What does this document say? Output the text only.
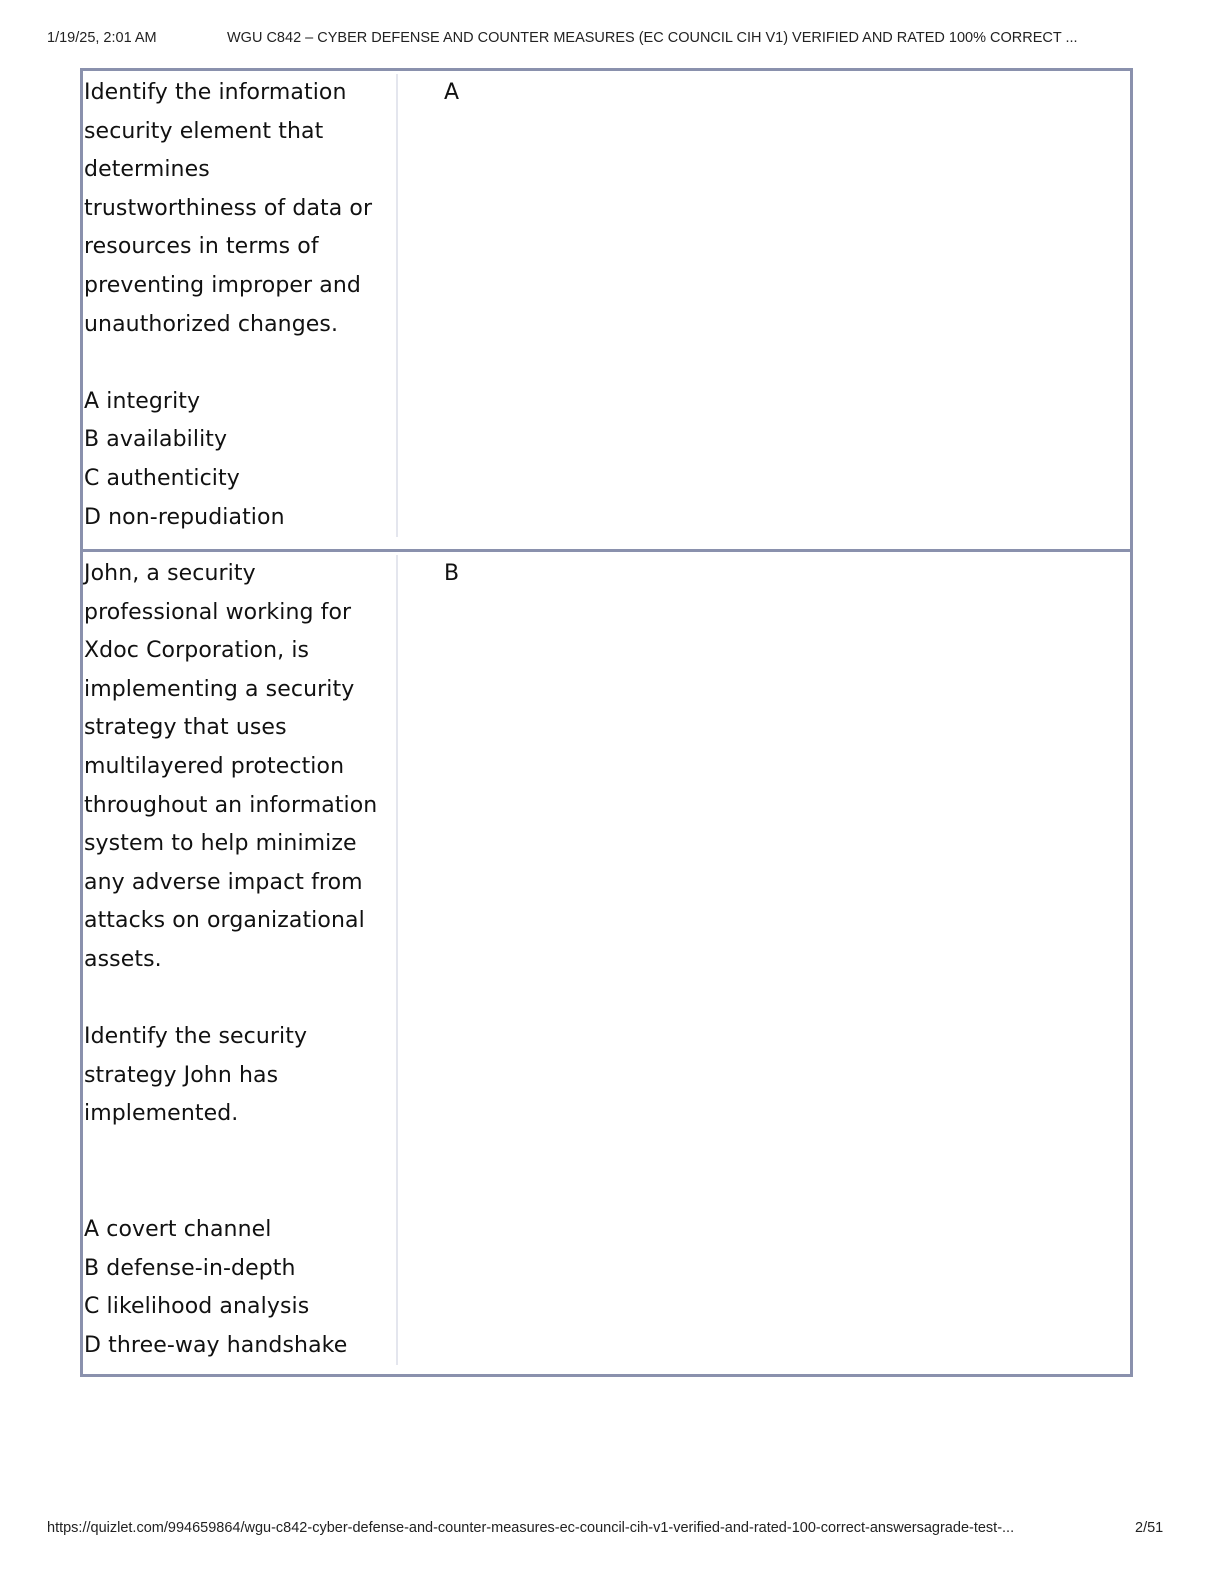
1/19/25, 2:01 AM	WGU C842 – CYBER DEFENSE AND COUNTER MEASURES (EC COUNCIL CIH V1) VERIFIED AND RATED 100% CORRECT ...
Identify the information
security element that
determines
trustworthiness of data or
resources in terms of
preventing improper and
unauthorized changes.
A integrity
B availability
C authenticity
D non-repudiation
A
John, a security
professional working for
Xdoc Corporation, is
implementing a security
strategy that uses
multilayered protection
throughout an information
system to help minimize
any adverse impact from
attacks on organizational
assets.
Identify the security
strategy John has
implemented.
A covert channel
B defense-in-depth
C likelihood analysis
D three-way handshake
B
https://quizlet.com/994659864/wgu-c842-cyber-defense-and-counter-measures-ec-council-cih-v1-verified-and-rated-100-correct-answersagrade-test-...	2/51
